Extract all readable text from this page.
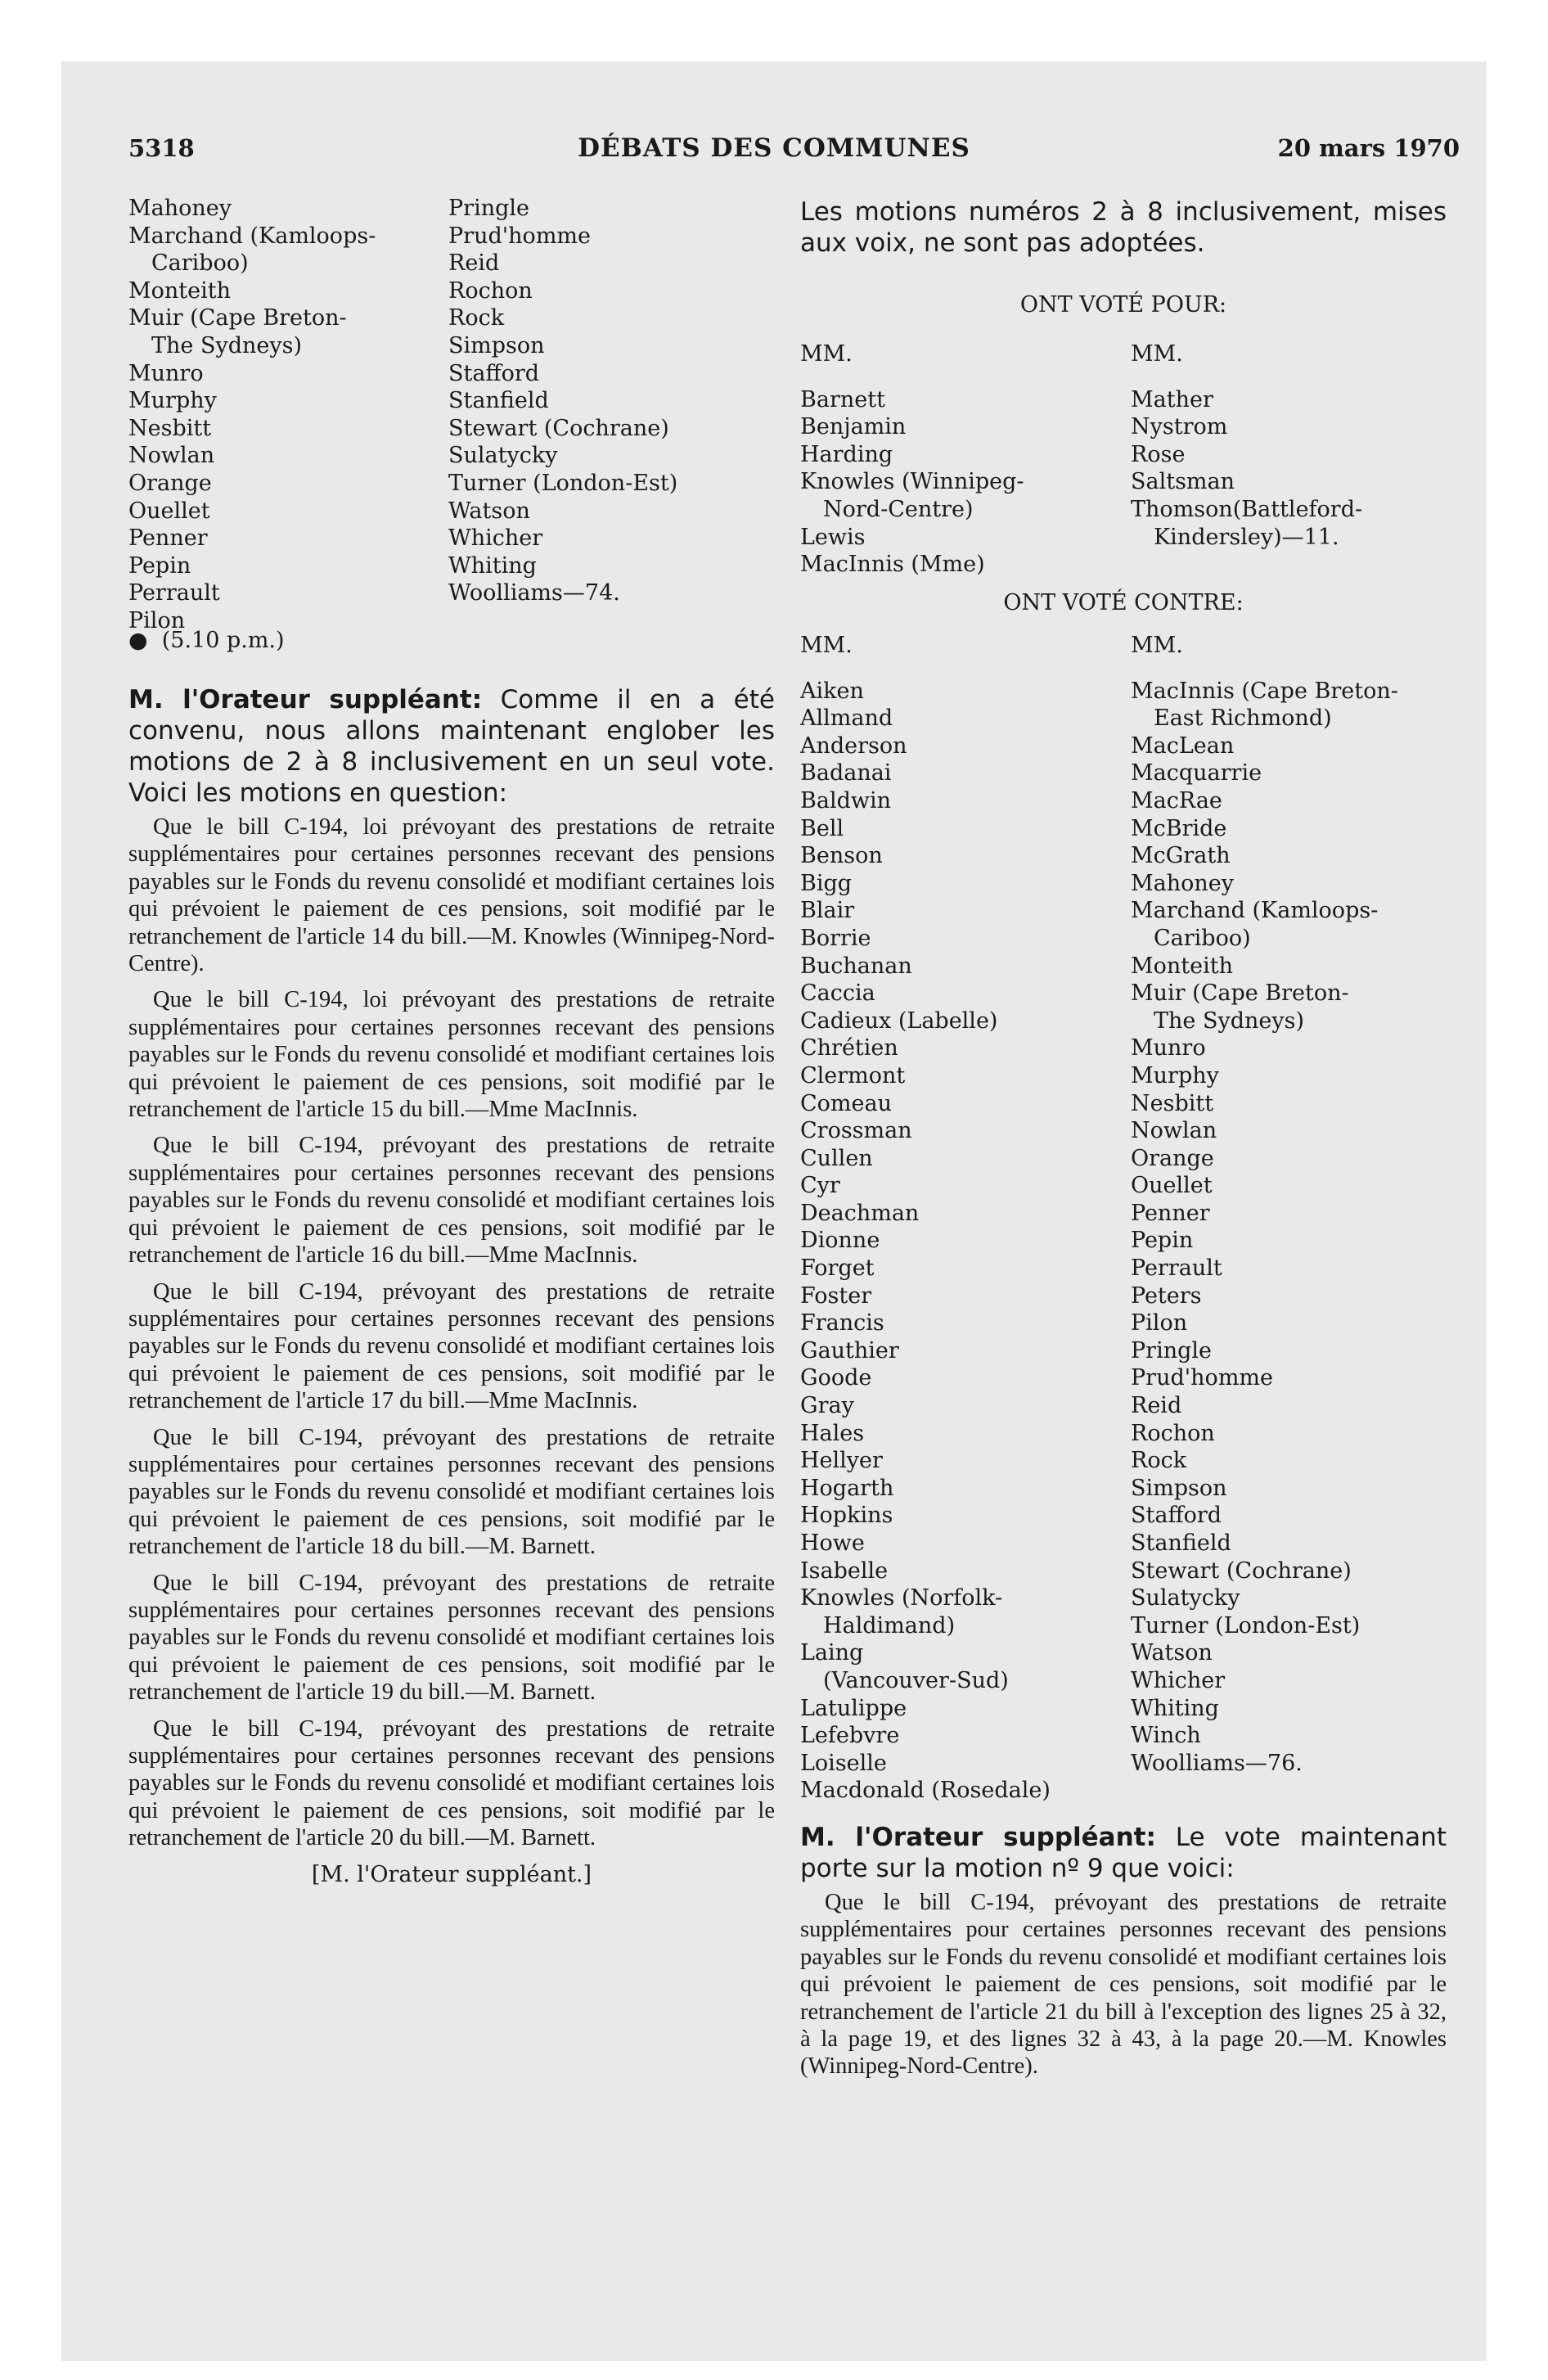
5318	DÉBATS DES COMMUNES	20 mars 1970
Mahoney
Marchand (Kamloops-
Cariboo)
Monteith
Muir (Cape Breton-
The Sydneys)
Munro
Murphy
Nesbitt
Nowlan
Orange
Ouellet
Penner
Pepin
Perrault
Pilon
Pringle
Prud'homme
Reid
Rochon
Rock
Simpson
Stafford
Stanfield
Stewart (Cochrane)
Sulatycky
Turner (London-Est)
Watson
Whicher
Whiting
Woolliams—74.
●  (5.10 p.m.)

M. l'Orateur suppléant: Comme il en a été convenu, nous allons maintenant englober les motions de 2 à 8 inclusivement en un seul vote. Voici les motions en question:

Que le bill C-194, loi prévoyant des prestations de retraite supplémentaires pour certaines personnes recevant des pensions payables sur le Fonds du revenu consolidé et modifiant certaines lois qui prévoient le paiement de ces pensions, soit modifié par le retranchement de l'article 14 du bill.—M. Knowles (Winnipeg-Nord-Centre).

Que le bill C-194, loi prévoyant des prestations de retraite supplémentaires pour certaines personnes recevant des pensions payables sur le Fonds du revenu consolidé et modifiant certaines lois qui prévoient le paiement de ces pensions, soit modifié par le retranchement de l'article 15 du bill.—Mme MacInnis.

Que le bill C-194, prévoyant des prestations de retraite supplémentaires pour certaines personnes recevant des pensions payables sur le Fonds du revenu consolidé et modifiant certaines lois qui prévoient le paiement de ces pensions, soit modifié par le retranchement de l'article 16 du bill.—Mme MacInnis.

Que le bill C-194, prévoyant des prestations de retraite supplémentaires pour certaines personnes recevant des pensions payables sur le Fonds du revenu consolidé et modifiant certaines lois qui prévoient le paiement de ces pensions, soit modifié par le retranchement de l'article 17 du bill.—Mme MacInnis.

Que le bill C-194, prévoyant des prestations de retraite supplémentaires pour certaines personnes recevant des pensions payables sur le Fonds du revenu consolidé et modifiant certaines lois qui prévoient le paiement de ces pensions, soit modifié par le retranchement de l'article 18 du bill.—M. Barnett.

Que le bill C-194, prévoyant des prestations de retraite supplémentaires pour certaines personnes recevant des pensions payables sur le Fonds du revenu consolidé et modifiant certaines lois qui prévoient le paiement de ces pensions, soit modifié par le retranchement de l'article 19 du bill.—M. Barnett.

Que le bill C-194, prévoyant des prestations de retraite supplémentaires pour certaines personnes recevant des pensions payables sur le Fonds du revenu consolidé et modifiant certaines lois qui prévoient le paiement de ces pensions, soit modifié par le retranchement de l'article 20 du bill.—M. Barnett.

[M. l'Orateur suppléant.]

Les motions numéros 2 à 8 inclusivement, mises aux voix, ne sont pas adoptées.

ONT VOTÉ POUR:
MM.
Barnett
Benjamin
Harding
Knowles (Winnipeg-
Nord-Centre)
Lewis
MacInnis (Mme)
MM.
Mather
Nystrom
Rose
Saltsman
Thomson(Battleford-
Kindersley)—11.
ONT VOTÉ CONTRE:
MM.
Aiken
Allmand
Anderson
Badanai
Baldwin
Bell
Benson
Bigg
Blair
Borrie
Buchanan
Caccia
Cadieux (Labelle)
Chrétien
Clermont
Comeau
Crossman
Cullen
Cyr
Deachman
Dionne
Forget
Foster
Francis
Gauthier
Goode
Gray
Hales
Hellyer
Hogarth
Hopkins
Howe
Isabelle
Knowles (Norfolk-
Haldimand)
Laing
(Vancouver-Sud)
Latulippe
Lefebvre
Loiselle
Macdonald (Rosedale)
MM.
MacInnis (Cape Breton-
East Richmond)
MacLean
Macquarrie
MacRae
McBride
McGrath
Mahoney
Marchand (Kamloops-
Cariboo)
Monteith
Muir (Cape Breton-
The Sydneys)
Munro
Murphy
Nesbitt
Nowlan
Orange
Ouellet
Penner
Pepin
Perrault
Peters
Pilon
Pringle
Prud'homme
Reid
Rochon
Rock
Simpson
Stafford
Stanfield
Stewart (Cochrane)
Sulatycky
Turner (London-Est)
Watson
Whicher
Whiting
Winch
Woolliams—76.

M. l'Orateur suppléant: Le vote maintenant porte sur la motion nº 9 que voici:

Que le bill C-194, prévoyant des prestations de retraite supplémentaires pour certaines personnes recevant des pensions payables sur le Fonds du revenu consolidé et modifiant certaines lois qui prévoient le paiement de ces pensions, soit modifié par le retranchement de l'article 21 du bill à l'exception des lignes 25 à 32, à la page 19, et des lignes 32 à 43, à la page 20.—M. Knowles (Winnipeg-Nord-Centre).
